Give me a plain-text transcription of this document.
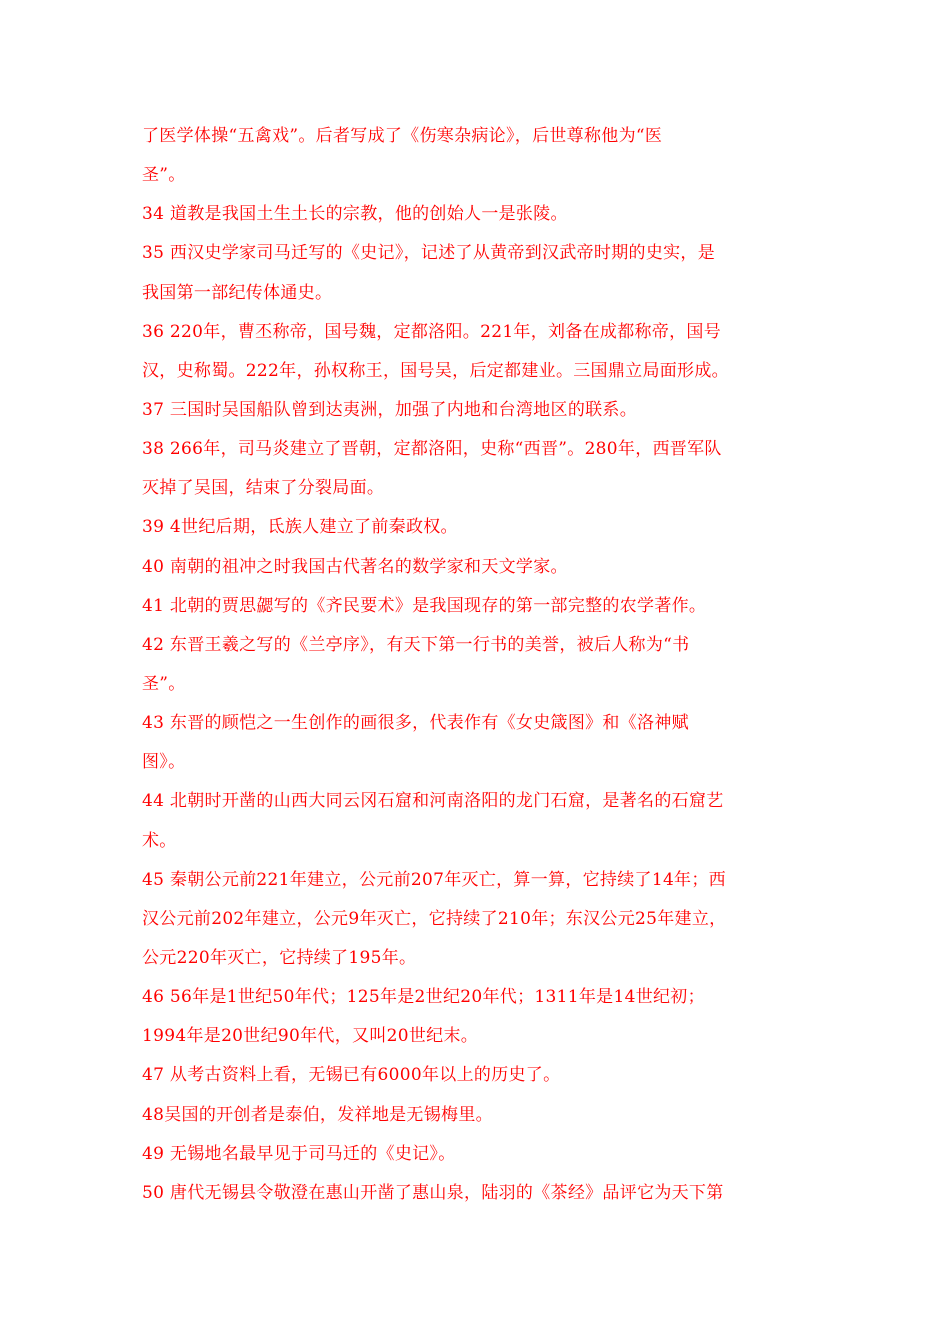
了医学体操“五禽戏”。后者写成了《伤寒杂病论》，后世尊称他为“医
圣”。
34 道教是我国土生土长的宗教，他的创始人一是张陵。
35 西汉史学家司马迁写的《史记》，记述了从黄帝到汉武帝时期的史实，是
我国第一部纪传体通史。
36 220年，曹丕称帝，国号魏，定都洛阳。221年，刘备在成都称帝，国号
汉，史称蜀。222年，孙权称王，国号吴，后定都建业。三国鼎立局面形成。
37 三国时吴国船队曾到达夷洲，加强了内地和台湾地区的联系。
38 266年，司马炎建立了晋朝，定都洛阳，史称“西晋”。280年，西晋军队
灭掉了吴国，结束了分裂局面。
39 4世纪后期，氐族人建立了前秦政权。
40 南朝的祖冲之时我国古代著名的数学家和天文学家。
41 北朝的贾思勰写的《齐民要术》是我国现存的第一部完整的农学著作。
42 东晋王羲之写的《兰亭序》，有天下第一行书的美誉，被后人称为“书
圣”。
43 东晋的顾恺之一生创作的画很多，代表作有《女史箴图》和《洛神赋
图》。
44 北朝时开凿的山西大同云冈石窟和河南洛阳的龙门石窟，是著名的石窟艺
术。
45 秦朝公元前221年建立，公元前207年灭亡，算一算，它持续了14年；西
汉公元前202年建立，公元9年灭亡，它持续了210年；东汉公元25年建立，
公元220年灭亡，它持续了195年。
46 56年是1世纪50年代；125年是2世纪20年代；1311年是14世纪初；
1994年是20世纪90年代，又叫20世纪末。
47 从考古资料上看，无锡已有6000年以上的历史了。
48吴国的开创者是泰伯，发祥地是无锡梅里。
49 无锡地名最早见于司马迁的《史记》。
50 唐代无锡县令敬澄在惠山开凿了惠山泉，陆羽的《茶经》品评它为天下第
